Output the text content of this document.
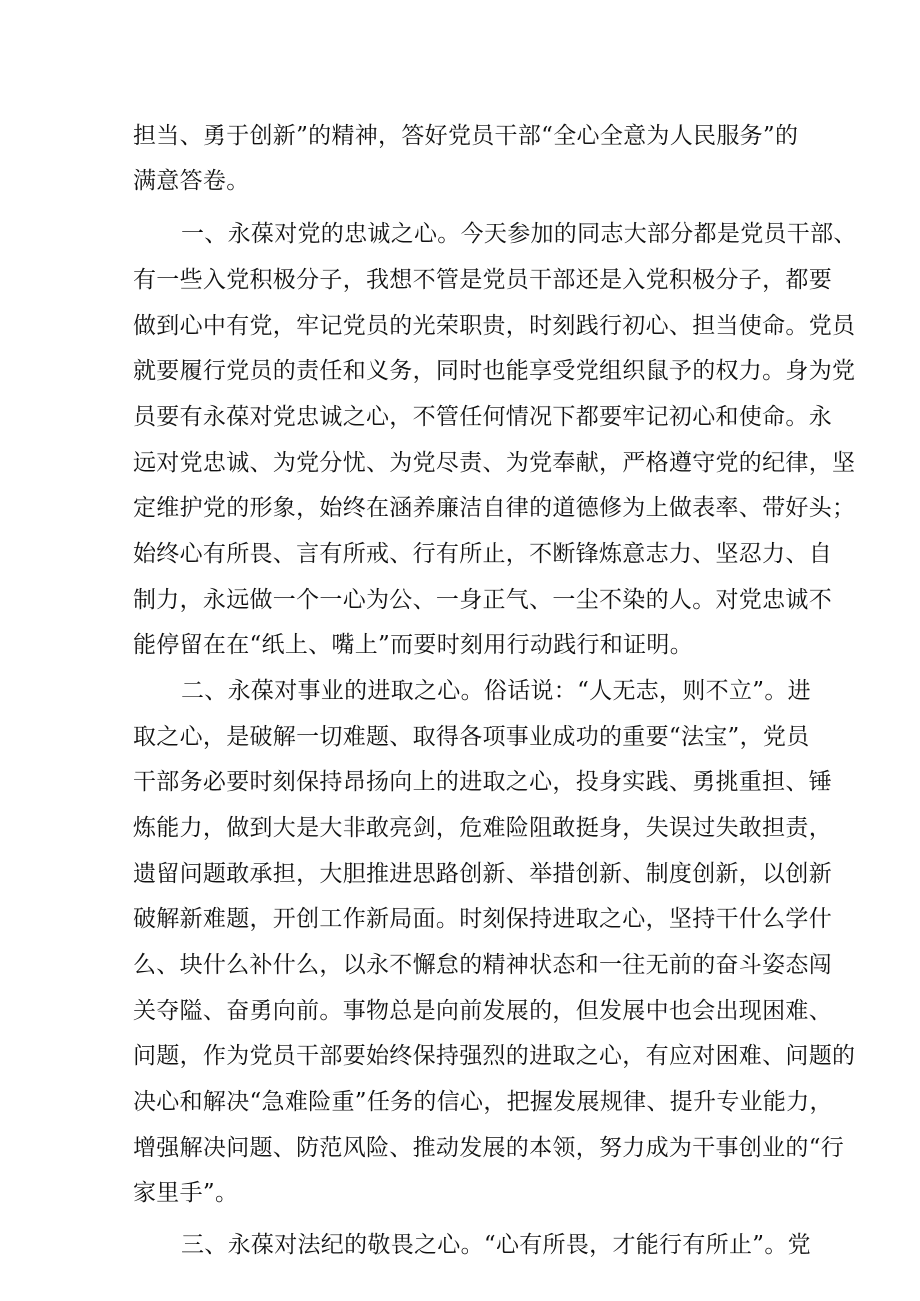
担当、勇于创新”的精神，答好党员干部“全心全意为人民服务”的
满意答卷。
一、永葆对党的忠诚之心。今天参加的同志大部分都是党员干部、
有一些入党积极分子，我想不管是党员干部还是入党积极分子，都要
做到心中有党，牢记党员的光荣职贵，时刻践行初心、担当使命。党员
就要履行党员的责任和义务，同时也能享受党组织鼠予的权力。身为党
员要有永葆对党忠诚之心，不管任何情况下都要牢记初心和使命。永
远对党忠诚、为党分忧、为党尽责、为党奉献，严格遵守党的纪律，坚
定维护党的形象，始终在涵养廉洁自律的道德修为上做表率、带好头；
始终心有所畏、言有所戒、行有所止，不断锋炼意志力、坚忍力、自
制力，永远做一个一心为公、一身正气、一尘不染的人。对党忠诚不
能停留在在“纸上、嘴上”而要时刻用行动践行和证明。
二、永葆对事业的进取之心。俗话说：“人无志，则不立”。进
取之心，是破解一切难题、取得各项事业成功的重要“法宝”，党员
干部务必要时刻保持昂扬向上的进取之心，投身实践、勇挑重担、锤
炼能力，做到大是大非敢亮剑，危难险阻敢挺身，失误过失敢担责，
遗留问题敢承担，大胆推进思路创新、举措创新、制度创新，以创新
破解新难题，开创工作新局面。时刻保持进取之心，坚持干什么学什
么、块什么补什么，以永不懈怠的精神状态和一往无前的奋斗姿态闯
关夺隘、奋勇向前。事物总是向前发展的，但发展中也会出现困难、
问题，作为党员干部要始终保持强烈的进取之心，有应对困难、问题的
决心和解决“急难险重”任务的信心，把握发展规律、提升专业能力，
增强解决问题、防范风险、推动发展的本领，努力成为干事创业的“行
家里手”。
三、永葆对法纪的敬畏之心。“心有所畏，才能行有所止”。党
